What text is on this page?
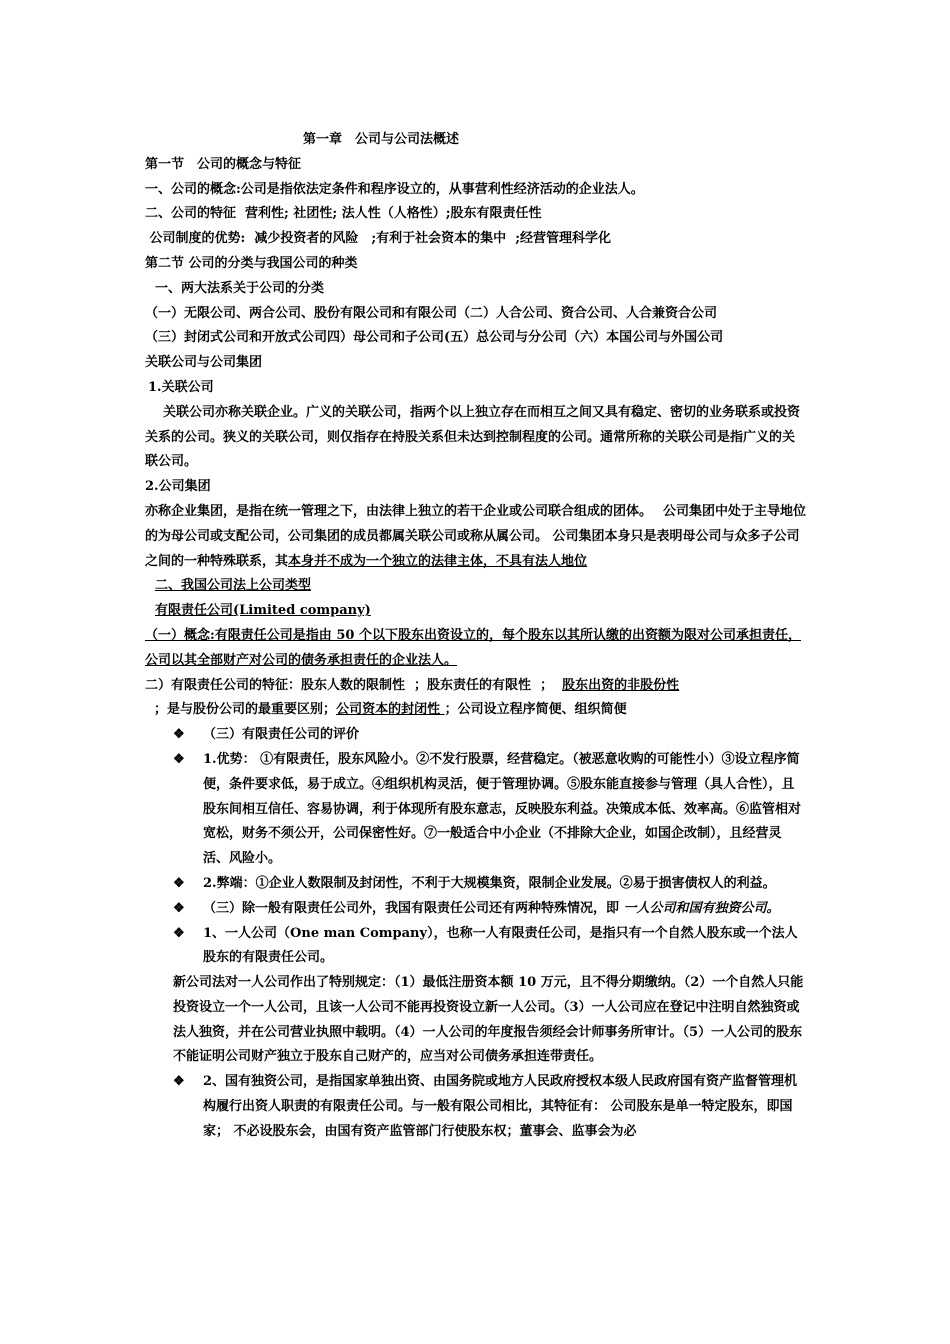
第一章　公司与公司法概述

第一节　公司的概念与特征

一、公司的概念:公司是指依法定条件和程序设立的，从事营利性经济活动的企业法人。

二、公司的特征  营利性; 社团性; 法人性（人格性）;股东有限责任性

公司制度的优势:  减少投资者的风险　;有利于社会资本的集中  ;经营管理科学化

第二节 公司的分类与我国公司的种类

一、两大法系关于公司的分类

（一）无限公司、两合公司、股份有限公司和有限公司（二）人合公司、资合公司、人合兼资合公司

（三）封闭式公司和开放式公司四）母公司和子公司(五）总公司与分公司（六）本国公司与外国公司

关联公司与公司集团

1.关联公司

关联公司亦称关联企业。广义的关联公司，指两个以上独立存在而相互之间又具有稳定、密切的业务联系或投资关系的公司。狭义的关联公司，则仅指存在持股关系但未达到控制程度的公司。通常所称的关联公司是指广义的关联公司。

2.公司集团

亦称企业集团，是指在统一管理之下，由法律上独立的若干企业或公司联合组成的团体。　 公司集团中处于主导地位的为母公司或支配公司，公司集团的成员都属关联公司或称从属公司。 公司集团本身只是表明母公司与众多子公司之间的一种特殊联系，其本身并不成为一个独立的法律主体，不具有法人地位

二、我国公司法上公司类型

有限责任公司(Limited company)

（一）概念:有限责任公司是指由 50 个以下股东出资设立的，每个股东以其所认缴的出资额为限对公司承担责任，公司以其全部财产对公司的债务承担责任的企业法人。

二）有限责任公司的特征：股东人数的限制性  ；股东责任的有限性  ；  股东出资的非股份性  ；是与股份公司的最重要区别；公司资本的封闭性 ；公司设立程序简便、组织简便

❖ （三）有限责任公司的评价

❖ 1.优势： ①有限责任，股东风险小。②不发行股票，经营稳定。（被恶意收购的可能性小）③设立程序简便，条件要求低，易于成立。④组织机构灵活，便于管理协调。⑤股东能直接参与管理（具人合性），且股东间相互信任、容易协调，利于体现所有股东意志，反映股东利益。决策成本低、效率高。⑥监管相对宽松，财务不须公开，公司保密性好。⑦一般适合中小企业（不排除大企业，如国企改制），且经营灵活、风险小。

❖ 2.弊端：①企业人数限制及封闭性，不利于大规模集资，限制企业发展。②易于损害债权人的利益。

❖ （三）除一般有限责任公司外，我国有限责任公司还有两种特殊情况，即 一人公司和国有独资公司。

❖ 1、一人公司（One man Company），也称一人有限责任公司，是指只有一个自然人股东或一个法人股东的有限责任公司。

新公司法对一人公司作出了特别规定：（1）最低注册资本额 10 万元，且不得分期缴纳。（2）一个自然人只能投资设立一个一人公司，且该一人公司不能再投资设立新一人公司。（3）一人公司应在登记中注明自然独资或法人独资，并在公司营业执照中载明。（4）一人公司的年度报告须经会计师事务所审计。（5）一人公司的股东不能证明公司财产独立于股东自己财产的，应当对公司债务承担连带责任。

❖ 2、国有独资公司，是指国家单独出资、由国务院或地方人民政府授权本级人民政府国有资产监督管理机构履行出资人职责的有限责任公司。与一般有限公司相比，其特征有： 公司股东是单一特定股东，即国家； 不必设股东会，由国有资产监管部门行使股东权；董事会、监事会为必
